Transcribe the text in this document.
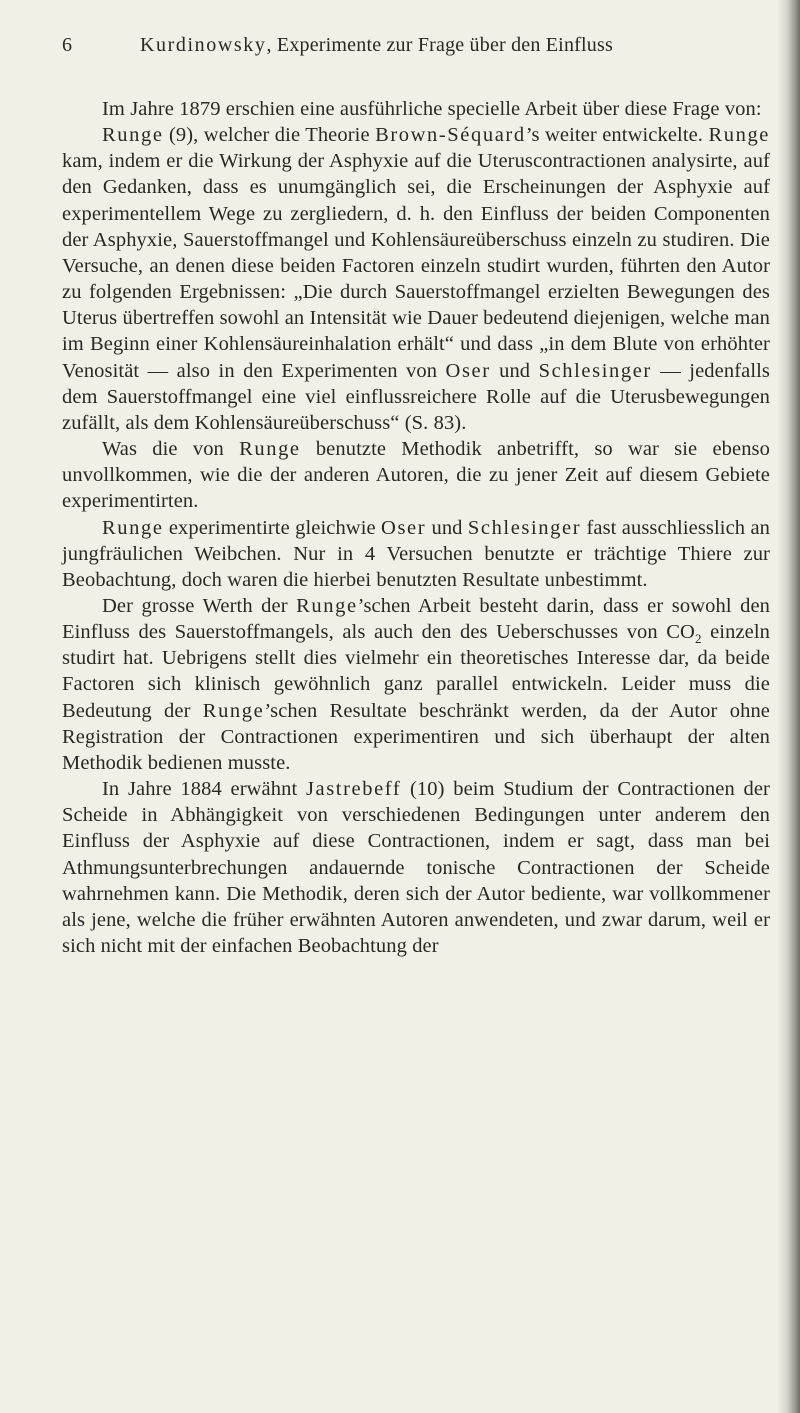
6	Kurdinowsky, Experimente zur Frage über den Einfluss

Im Jahre 1879 erschien eine ausführliche specielle Arbeit über diese Frage von:

Runge (9), welcher die Theorie Brown-Séquard’s weiter entwickelte. Runge kam, indem er die Wirkung der Asphyxie auf die Uteruscontractionen analysirte, auf den Gedanken, dass es unumgänglich sei, die Erscheinungen der Asphyxie auf experimentellem Wege zu zergliedern, d. h. den Einfluss der beiden Componenten der Asphyxie, Sauerstoffmangel und Kohlensäureüberschuss einzeln zu studiren. Die Versuche, an denen diese beiden Factoren einzeln studirt wurden, führten den Autor zu folgenden Ergebnissen: „Die durch Sauerstoffmangel erzielten Bewegungen des Uterus übertreffen sowohl an Intensität wie Dauer bedeutend diejenigen, welche man im Beginn einer Kohlensäureinhalation erhält“ und dass „in dem Blute von erhöhter Venosität — also in den Experimenten von Oser und Schlesinger — jedenfalls dem Sauerstoffmangel eine viel einflussreichere Rolle auf die Uterusbewegungen zufällt, als dem Kohlensäureüberschuss“ (S. 83).

Was die von Runge benutzte Methodik anbetrifft, so war sie ebenso unvollkommen, wie die der anderen Autoren, die zu jener Zeit auf diesem Gebiete experimentirten.

Runge experimentirte gleichwie Oser und Schlesinger fast ausschliesslich an jungfräulichen Weibchen. Nur in 4 Versuchen benutzte er trächtige Thiere zur Beobachtung, doch waren die hierbei benutzten Resultate unbestimmt.

Der grosse Werth der Runge’schen Arbeit besteht darin, dass er sowohl den Einfluss des Sauerstoffmangels, als auch den des Ueberschusses von $CO_2$ einzeln studirt hat. Uebrigens stellt dies vielmehr ein theoretisches Interesse dar, da beide Factoren sich klinisch gewöhnlich ganz parallel entwickeln. Leider muss die Bedeutung der Runge’schen Resultate beschränkt werden, da der Autor ohne Registration der Contractionen experimentiren und sich überhaupt der alten Methodik bedienen musste.

In Jahre 1884 erwähnt Jastrebeff (10) beim Studium der Contractionen der Scheide in Abhängigkeit von verschiedenen Bedingungen unter anderem den Einfluss der Asphyxie auf diese Contractionen, indem er sagt, dass man bei Athmungsunterbrechungen andauernde tonische Contractionen der Scheide wahrnehmen kann. Die Methodik, deren sich der Autor bediente, war vollkommener als jene, welche die früher erwähnten Autoren anwendeten, und zwar darum, weil er sich nicht mit der einfachen Beobachtung der
